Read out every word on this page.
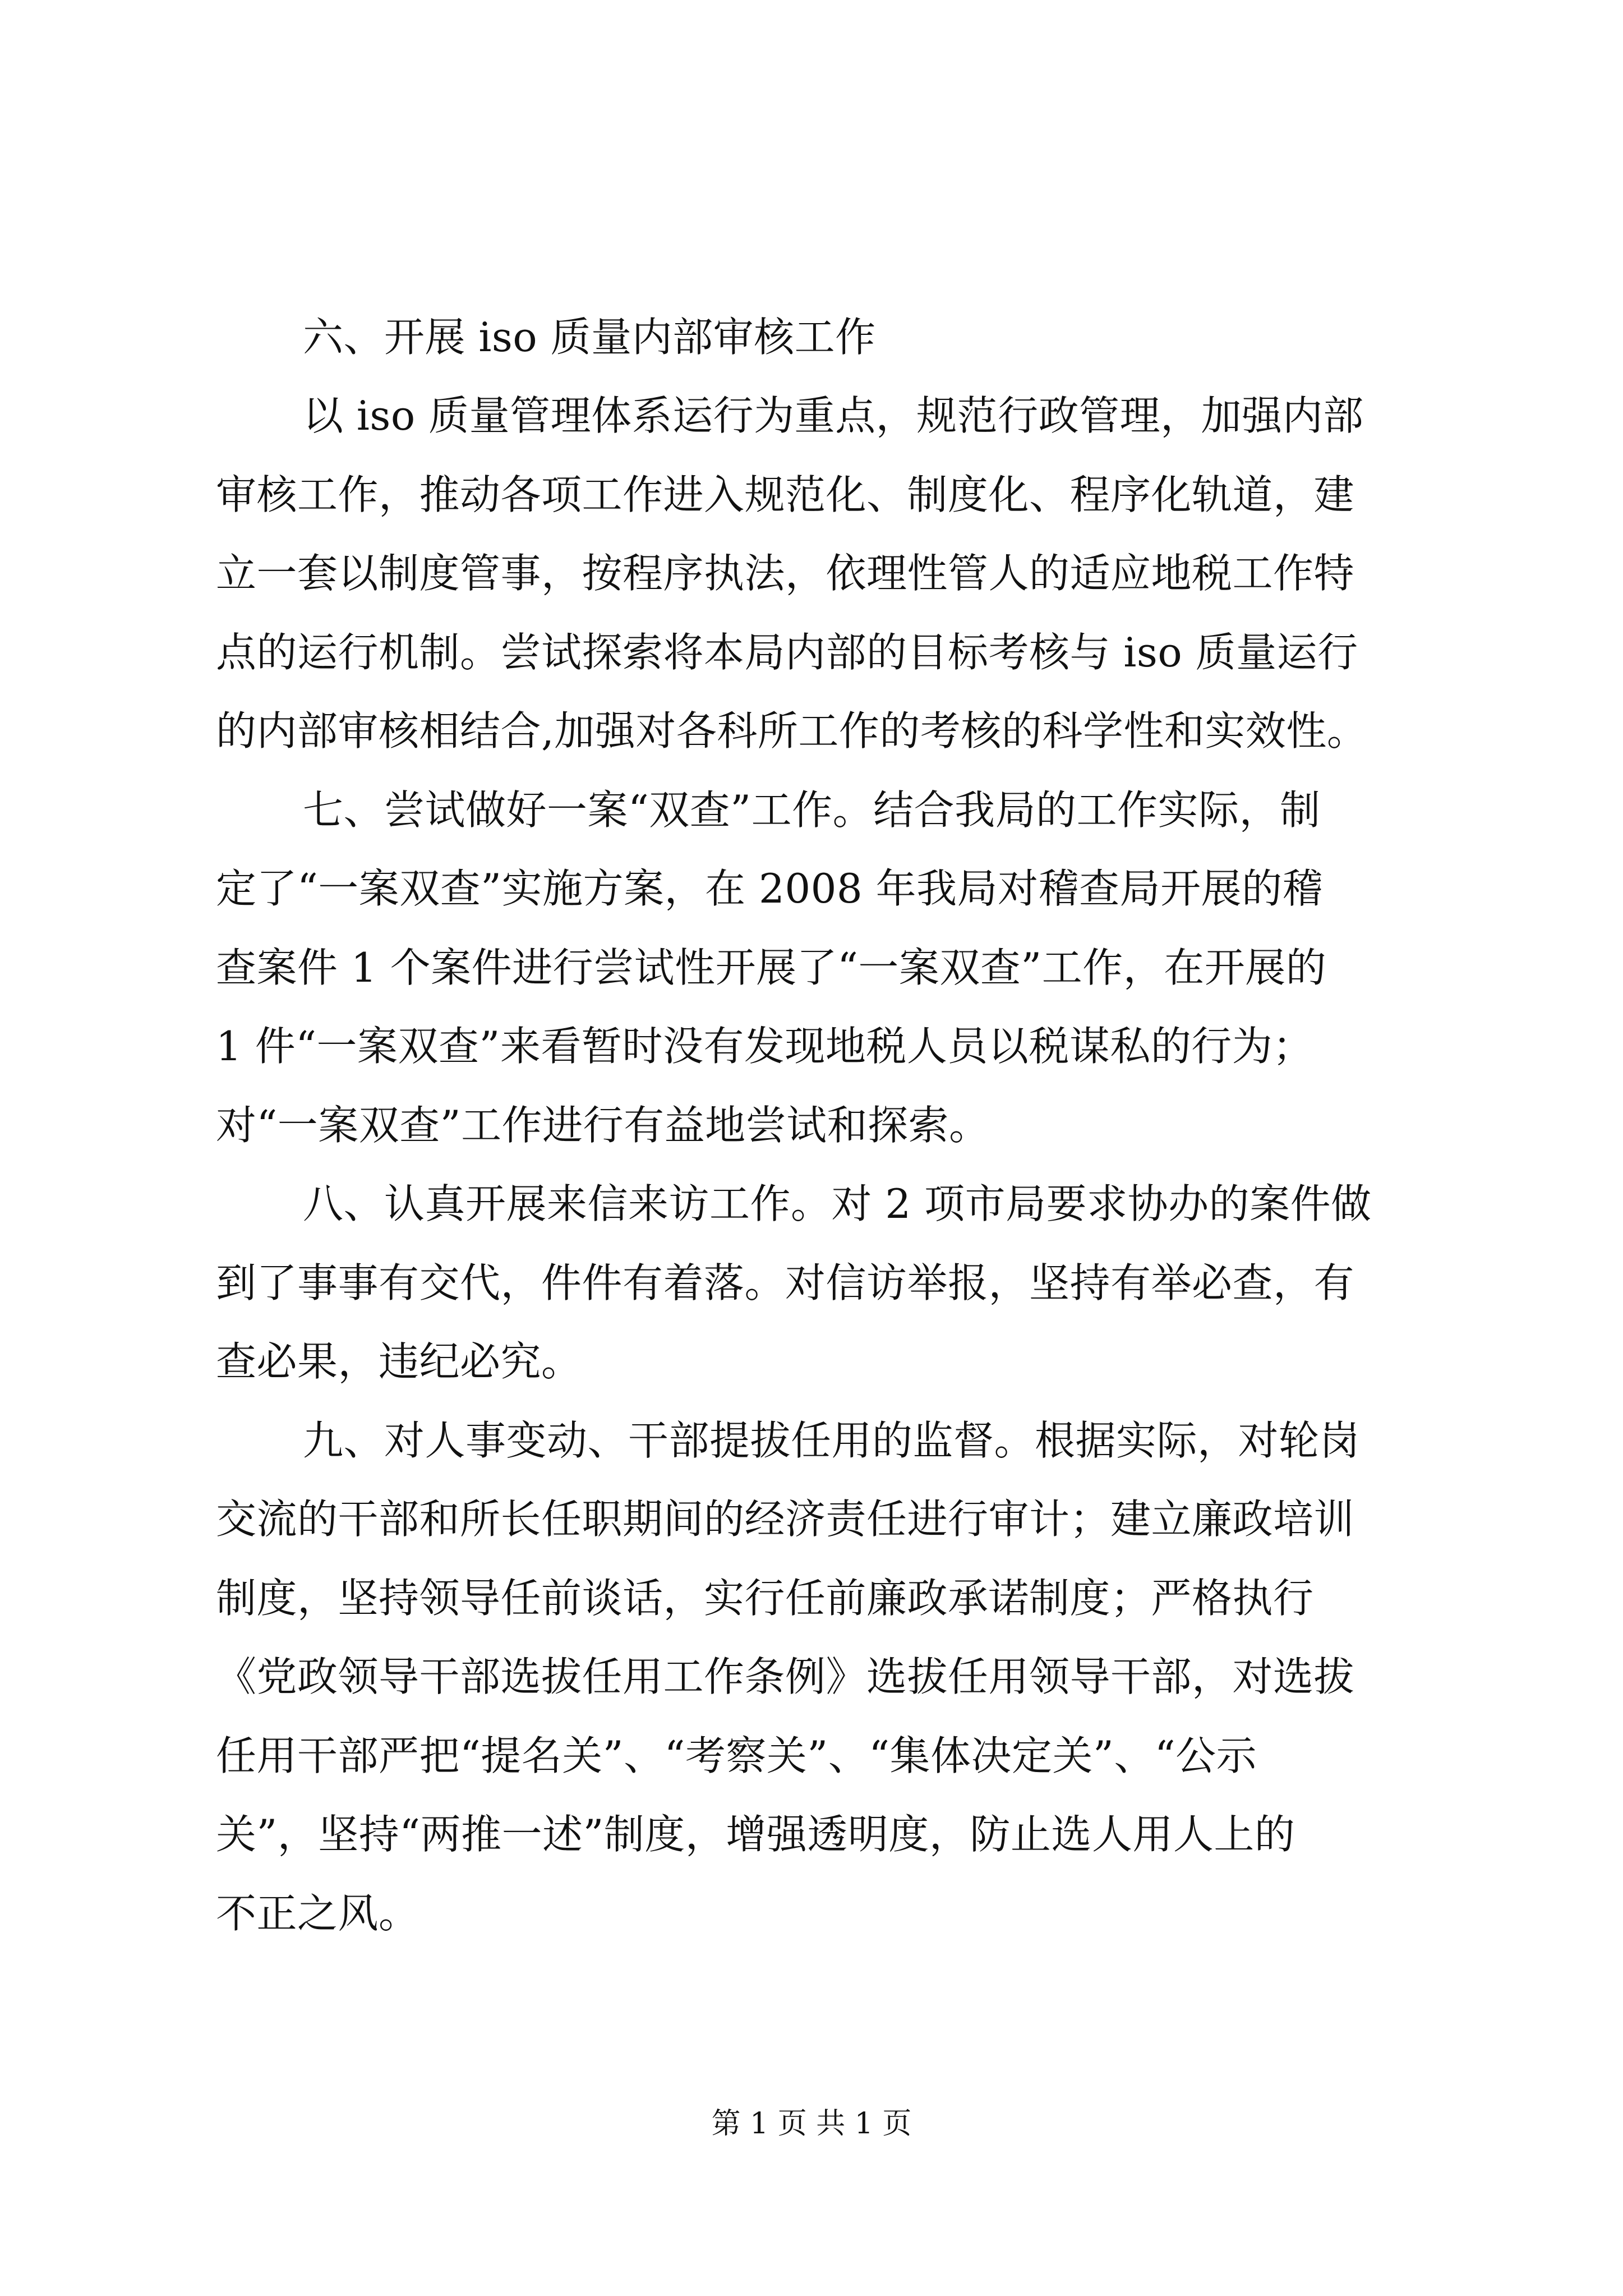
六、开展 iso 质量内部审核工作
以 iso 质量管理体系运行为重点，规范行政管理，加强内部
审核工作，推动各项工作进入规范化、制度化、程序化轨道，建
立一套以制度管事，按程序执法，依理性管人的适应地税工作特
点的运行机制。尝试探索将本局内部的目标考核与 iso 质量运行
的内部审核相结合,加强对各科所工作的考核的科学性和实效性。
七、尝试做好一案“双查”工作。结合我局的工作实际，制
定了“一案双查”实施方案，在 2008 年我局对稽查局开展的稽
查案件 1 个案件进行尝试性开展了“一案双查”工作，在开展的
1 件“一案双查”来看暂时没有发现地税人员以税谋私的行为；
对“一案双查”工作进行有益地尝试和探索。
八、认真开展来信来访工作。对 2 项市局要求协办的案件做
到了事事有交代，件件有着落。对信访举报，坚持有举必查，有
查必果，违纪必究。
九、对人事变动、干部提拔任用的监督。根据实际，对轮岗
交流的干部和所长任职期间的经济责任进行审计；建立廉政培训
制度，坚持领导任前谈话，实行任前廉政承诺制度；严格执行
《党政领导干部选拔任用工作条例》选拔任用领导干部，对选拔
任用干部严把“提名关”、“考察关”、“集体决定关”、“公示
关”，坚持“两推一述”制度，增强透明度，防止选人用人上的
不正之风。
第 1 页 共 1 页
